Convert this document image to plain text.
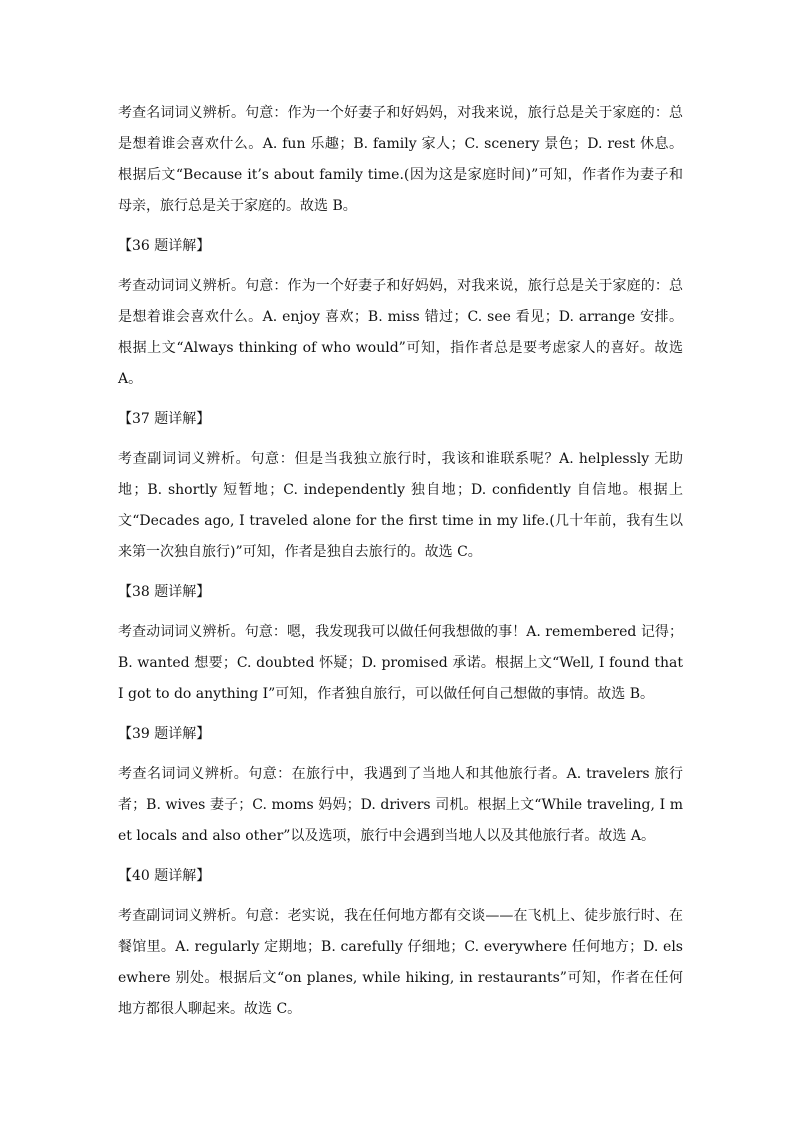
考查名词词义辨析。句意：作为一个好妻子和好妈妈，对我来说，旅行总是关于家庭的：总是想着谁会喜欢什么。A. fun 乐趣；B. family 家人；C. scenery 景色；D. rest 休息。根据后文“Because it’s about family time.(因为这是家庭时间)”可知，作者作为妻子和母亲，旅行总是关于家庭的。故选 B。

【36 题详解】

考查动词词义辨析。句意：作为一个好妻子和好妈妈，对我来说，旅行总是关于家庭的：总是想着谁会喜欢什么。A. enjoy 喜欢；B. miss 错过；C. see 看见；D. arrange 安排。根据上文“Always thinking of who would”可知，指作者总是要考虑家人的喜好。故选 A。

【37 题详解】

考查副词词义辨析。句意：但是当我独立旅行时，我该和谁联系呢？A. helplessly 无助地；B. shortly 短暂地；C. independently 独自地；D. confidently 自信地。根据上文“Decades ago, I traveled alone for the first time in my life.(几十年前，我有生以来第一次独自旅行)”可知，作者是独自去旅行的。故选 C。

【38 题详解】

考查动词词义辨析。句意：嗯，我发现我可以做任何我想做的事！A. remembered 记得；B. wanted 想要；C. doubted 怀疑；D. promised 承诺。根据上文“Well, I found that I got to do anything I”可知，作者独自旅行，可以做任何自己想做的事情。故选 B。

【39 题详解】

考查名词词义辨析。句意：在旅行中，我遇到了当地人和其他旅行者。A. travelers 旅行者；B. wives 妻子；C. moms 妈妈；D. drivers 司机。根据上文“While traveling, I met locals and also other”以及选项，旅行中会遇到当地人以及其他旅行者。故选 A。

【40 题详解】

考查副词词义辨析。句意：老实说，我在任何地方都有交谈——在飞机上、徒步旅行时、在餐馆里。A. regularly 定期地；B. carefully 仔细地；C. everywhere 任何地方；D. elsewhere 别处。根据后文“on planes, while hiking, in restaurants”可知，作者在任何地方都很人聊起来。故选 C。
